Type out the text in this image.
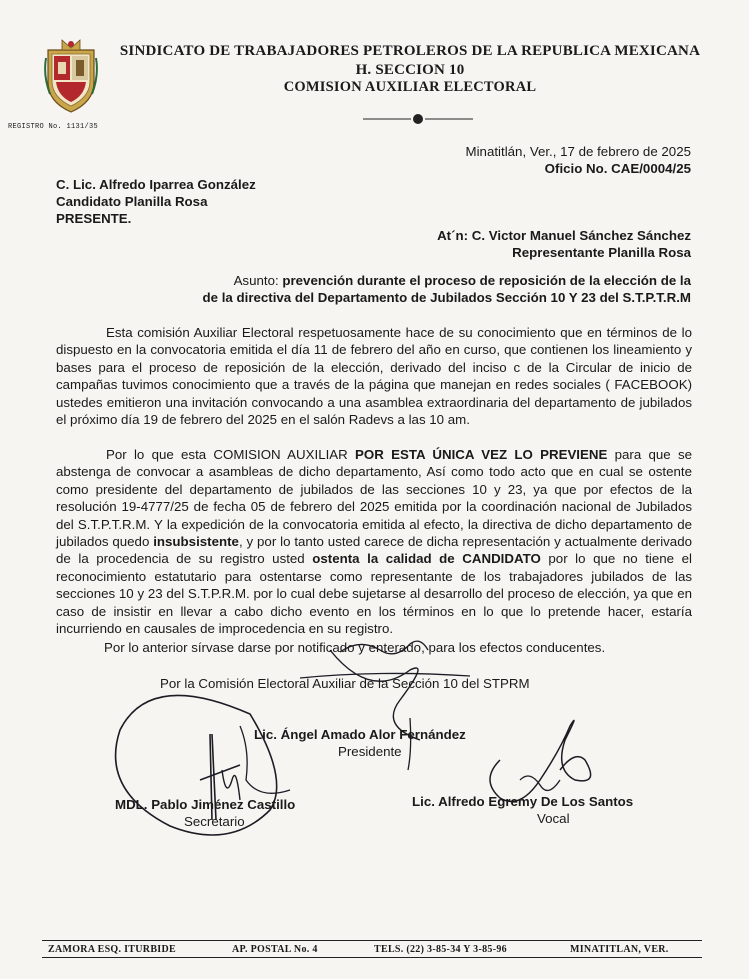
SINDICATO DE TRABAJADORES PETROLEROS DE LA REPUBLICA MEXICANA
H. SECCION 10
COMISION AUXILIAR ELECTORAL
REGISTRO No. 1131/35
Minatitlán, Ver., 17 de febrero de 2025
Oficio No. CAE/0004/25
C. Lic. Alfredo Iparrea González
Candidato Planilla Rosa
PRESENTE.
At´n: C. Victor Manuel Sánchez Sánchez
Representante Planilla Rosa
Asunto: prevención durante el proceso de reposición de la elección de la
de la directiva del Departamento de Jubilados Sección 10 Y 23 del S.T.P.T.R.M
Esta comisión Auxiliar Electoral respetuosamente hace de su conocimiento que en términos de lo dispuesto en la convocatoria emitida el día 11 de febrero del año en curso, que contienen los lineamiento y bases para el proceso de reposición de la elección, derivado del inciso c de la Circular de inicio de campañas tuvimos conocimiento que a través de la página que manejan en redes sociales ( FACEBOOK) ustedes emitieron una invitación convocando a una asamblea extraordinaria del departamento de jubilados el próximo día 19 de febrero del 2025 en el salón Radevs a las 10 am.
Por lo que esta COMISION AUXILIAR POR ESTA ÚNICA VEZ LO PREVIENE para que se abstenga de convocar a asambleas de dicho departamento, Así como todo acto que en cual se ostente como presidente del departamento de jubilados de las secciones 10 y 23, ya que por efectos de la resolución 19-4777/25 de fecha 05 de febrero del 2025 emitida por la coordinación nacional de Jubilados del S.T.P.T.R.M. Y la expedición de la convocatoria emitida al efecto, la directiva de dicho departamento de jubilados quedo insubsistente, y por lo tanto usted carece de dicha representación y actualmente derivado de la procedencia de su registro usted ostenta la calidad de CANDIDATO por lo que no tiene el reconocimiento estatutario para ostentarse como representante de los trabajadores jubilados de las secciones 10 y 23 del S.T.P.R.M. por lo cual debe sujetarse al desarrollo del proceso de elección, ya que en caso de insistir en llevar a cabo dicho evento en los términos en lo que lo pretende hacer, estaría incurriendo en causales de improcedencia en su registro.
Por lo anterior sírvase darse por notificado y enterado, para los efectos conducentes.
Por la Comisión Electoral Auxiliar de la Sección 10 del STPRM
Lic. Ángel Amado Alor Fernández
Presidente
MDL. Pablo Jiménez Castillo
Secretario
Lic. Alfredo Egremy De Los Santos
Vocal
ZAMORA ESQ. ITURBIDE	AP. POSTAL No. 4	TELS. (22) 3-85-34 Y 3-85-96	MINATITLAN, VER.
